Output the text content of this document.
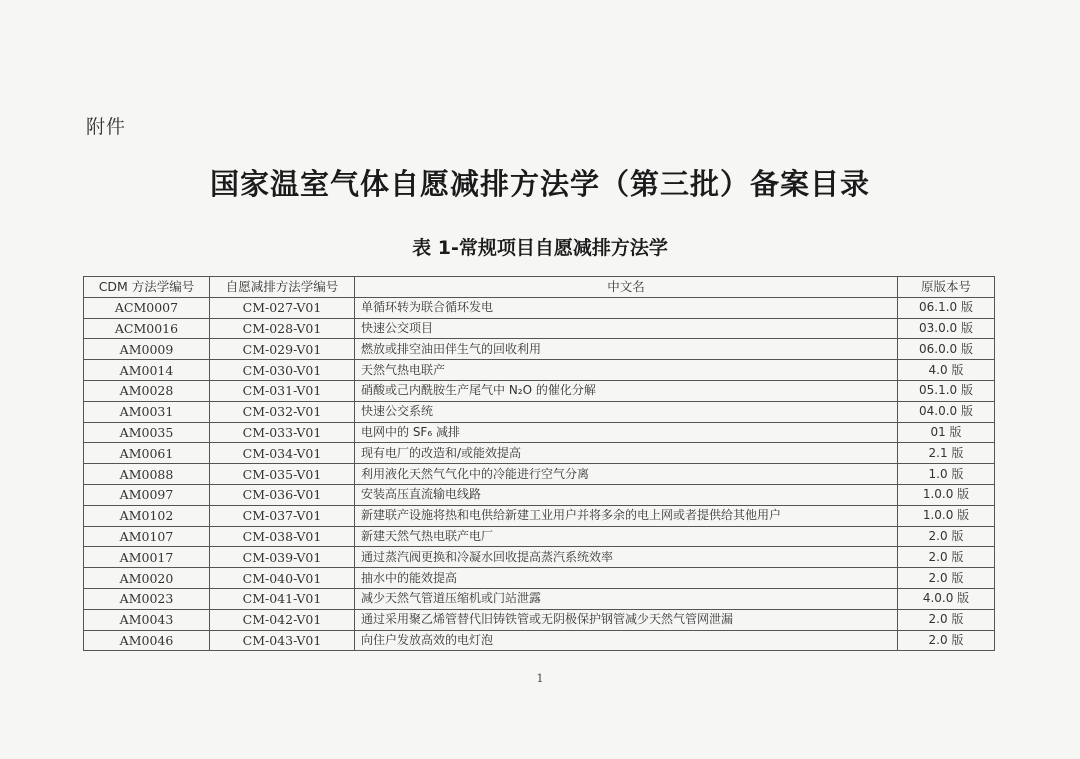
附件
国家温室气体自愿减排方法学（第三批）备案目录
表 1-常规项目自愿减排方法学
CDM 方法学编号	自愿减排方法学编号	中文名	原版本号
ACM0007	CM-027-V01	单循环转为联合循环发电	06.1.0 版
ACM0016	CM-028-V01	快速公交项目	03.0.0 版
AM0009	CM-029-V01	燃放或排空油田伴生气的回收利用	06.0.0 版
AM0014	CM-030-V01	天然气热电联产	4.0 版
AM0028	CM-031-V01	硝酸或己内酰胺生产尾气中 N₂O 的催化分解	05.1.0 版
AM0031	CM-032-V01	快速公交系统	04.0.0 版
AM0035	CM-033-V01	电网中的 SF₆ 减排	01 版
AM0061	CM-034-V01	现有电厂的改造和/或能效提高	2.1 版
AM0088	CM-035-V01	利用液化天然气气化中的冷能进行空气分离	1.0 版
AM0097	CM-036-V01	安装高压直流输电线路	1.0.0 版
AM0102	CM-037-V01	新建联产设施将热和电供给新建工业用户并将多余的电上网或者提供给其他用户	1.0.0 版
AM0107	CM-038-V01	新建天然气热电联产电厂	2.0 版
AM0017	CM-039-V01	通过蒸汽阀更换和冷凝水回收提高蒸汽系统效率	2.0 版
AM0020	CM-040-V01	抽水中的能效提高	2.0 版
AM0023	CM-041-V01	减少天然气管道压缩机或门站泄露	4.0.0 版
AM0043	CM-042-V01	通过采用聚乙烯管替代旧铸铁管或无阴极保护钢管减少天然气管网泄漏	2.0 版
AM0046	CM-043-V01	向住户发放高效的电灯泡	2.0 版
1
